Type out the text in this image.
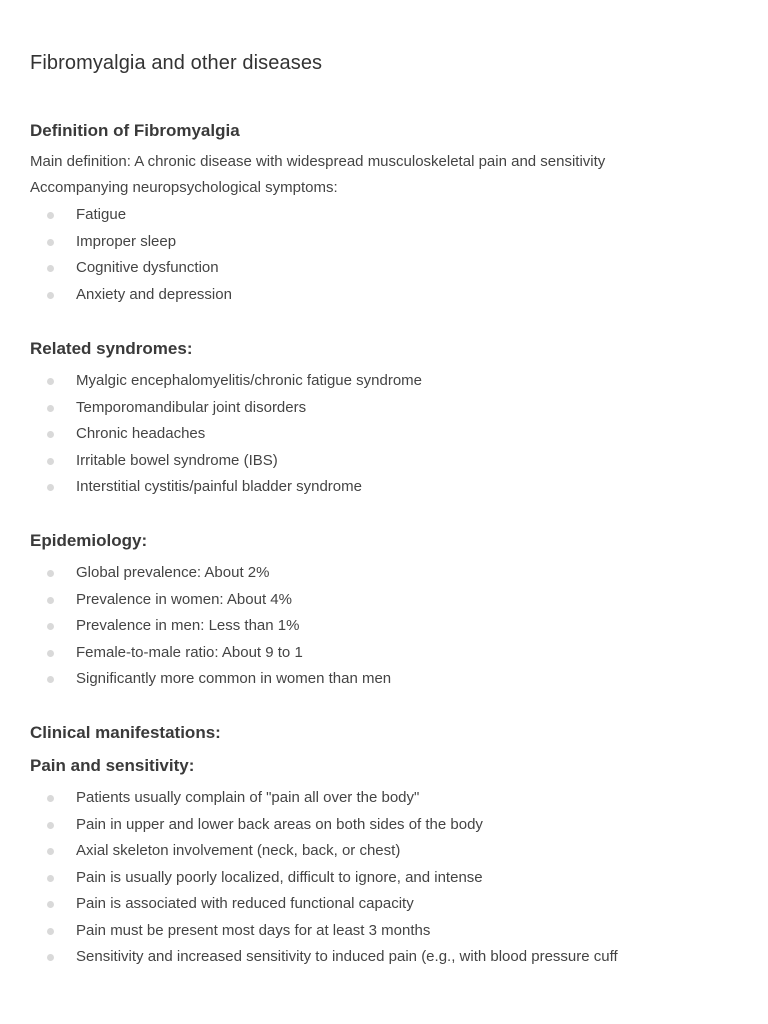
Fibromyalgia and other diseases
Definition of Fibromyalgia

Main definition: A chronic disease with widespread musculoskeletal pain and sensitivity

Accompanying neuropsychological symptoms:

Fatigue
Improper sleep
Cognitive dysfunction
Anxiety and depression
Related syndromes:
Myalgic encephalomyelitis/chronic fatigue syndrome
Temporomandibular joint disorders
Chronic headaches
Irritable bowel syndrome (IBS)
Interstitial cystitis/painful bladder syndrome
Epidemiology:
Global prevalence: About 2%
Prevalence in women: About 4%
Prevalence in men: Less than 1%
Female-to-male ratio: About 9 to 1
Significantly more common in women than men
Clinical manifestations:
Pain and sensitivity:
Patients usually complain of "pain all over the body"
Pain in upper and lower back areas on both sides of the body
Axial skeleton involvement (neck, back, or chest)
Pain is usually poorly localized, difficult to ignore, and intense
Pain is associated with reduced functional capacity
Pain must be present most days for at least 3 months
Sensitivity and increased sensitivity to induced pain (e.g., with blood pressure cuff
